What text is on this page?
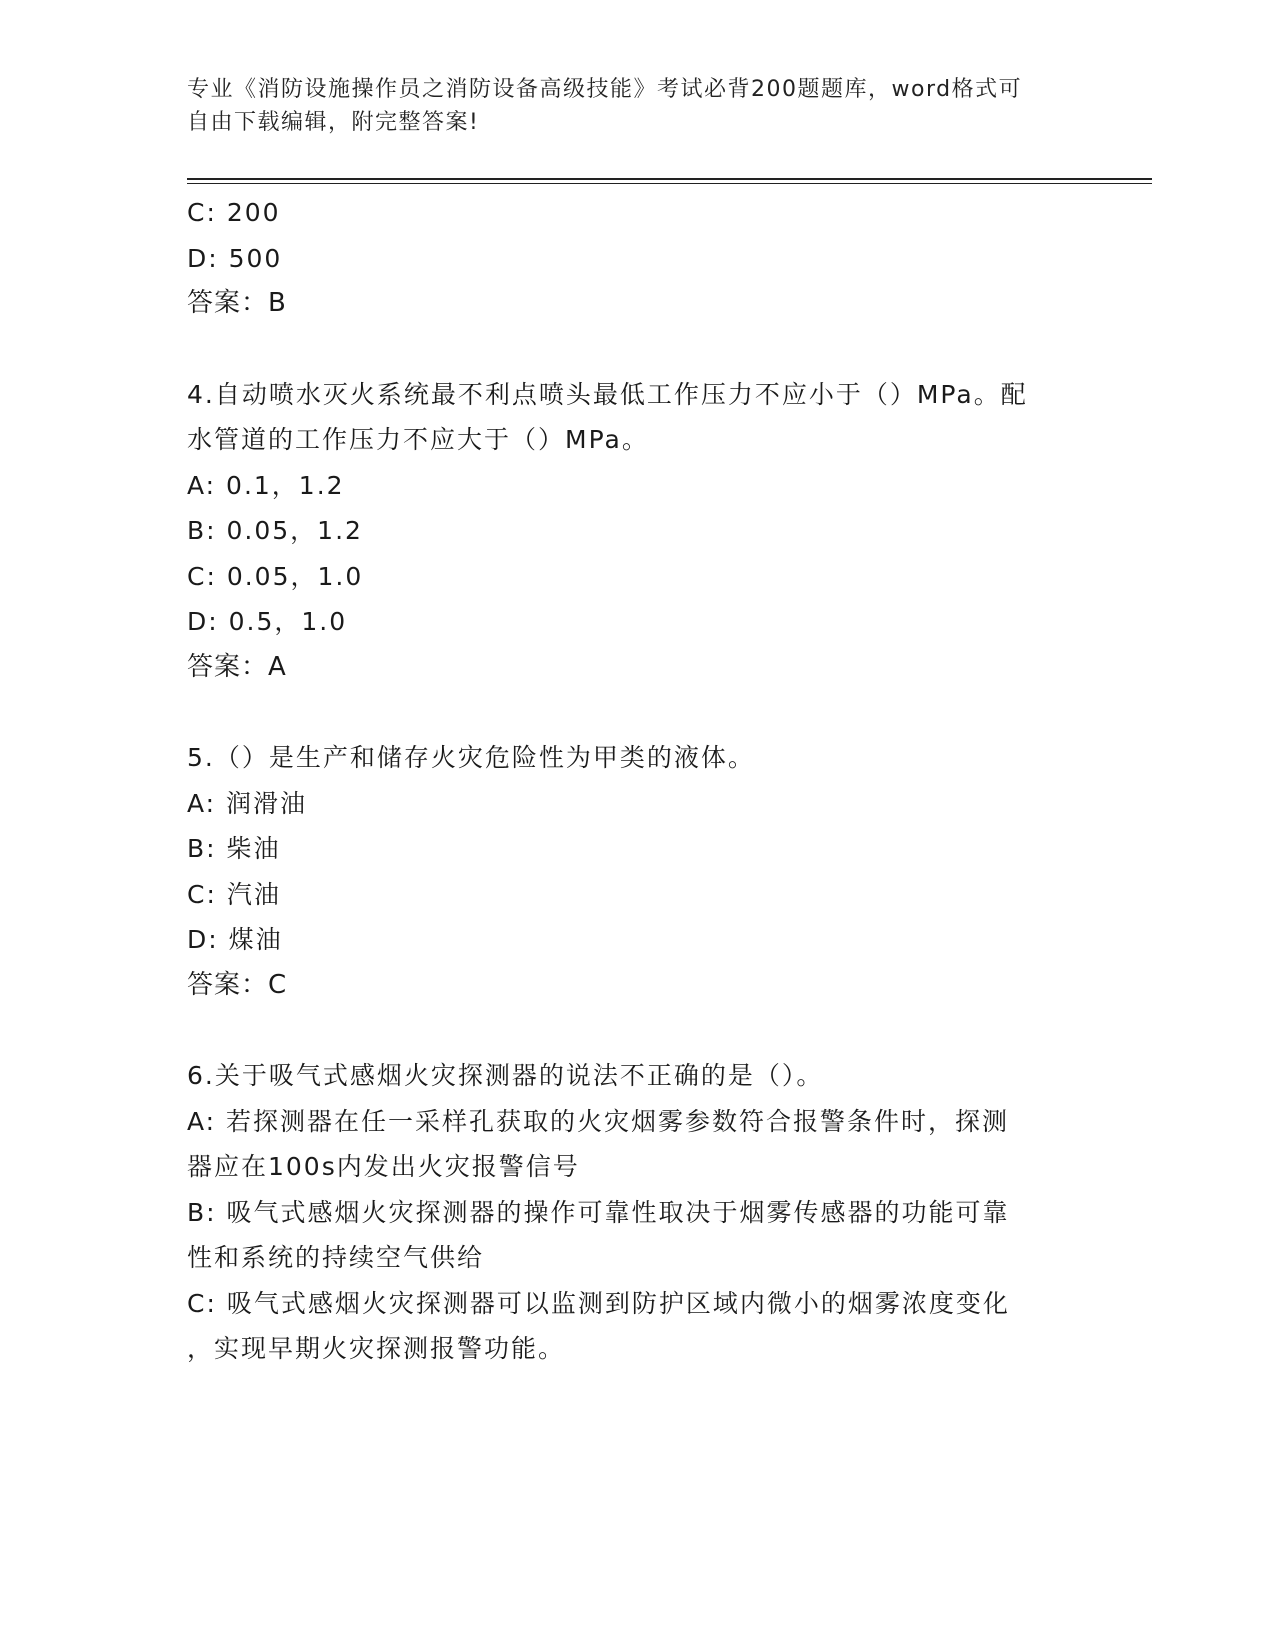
专业《消防设施操作员之消防设备高级技能》考试必背200题题库，word格式可
自由下载编辑，附完整答案!
C: 200
D: 500
答案：B
4.自动喷水灭火系统最不利点喷头最低工作压力不应小于（）MPa。配
水管道的工作压力不应大于（）MPa。
A: 0.1，1.2
B: 0.05，1.2
C: 0.05，1.0
D: 0.5，1.0
答案：A
5.（）是生产和储存火灾危险性为甲类的液体。
A: 润滑油
B: 柴油
C: 汽油
D: 煤油
答案：C
6.关于吸气式感烟火灾探测器的说法不正确的是（）。
A: 若探测器在任一采样孔获取的火灾烟雾参数符合报警条件时，探测
器应在100s内发出火灾报警信号
B: 吸气式感烟火灾探测器的操作可靠性取决于烟雾传感器的功能可靠
性和系统的持续空气供给
C: 吸气式感烟火灾探测器可以监测到防护区域内微小的烟雾浓度变化
，实现早期火灾探测报警功能。
